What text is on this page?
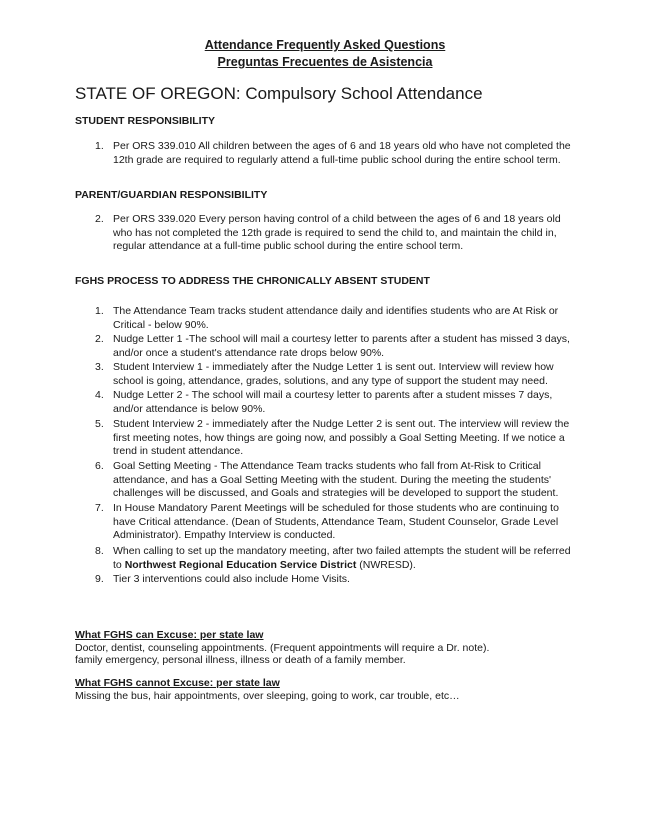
Attendance Frequently Asked Questions
Preguntas Frecuentes de Asistencia
STATE OF OREGON: Compulsory School Attendance
STUDENT RESPONSIBILITY
1. Per ORS 339.010 All children between the ages of 6 and 18 years old who have not completed the 12th grade are required to regularly attend a full-time public school during the entire school term.
PARENT/GUARDIAN RESPONSIBILITY
2. Per ORS 339.020 Every person having control of a child between the ages of 6 and 18 years old who has not completed the 12th grade is required to send the child to, and maintain the child in, regular attendance at a full-time public school during the entire school term.
FGHS PROCESS TO ADDRESS THE CHRONICALLY ABSENT STUDENT
1. The Attendance Team tracks student attendance daily and identifies students who are At Risk or Critical - below 90%.
2. Nudge Letter 1 -The school will mail a courtesy letter to parents after a student has missed 3 days, and/or once a student's attendance rate drops below 90%.
3. Student Interview 1 - immediately after the Nudge Letter 1 is sent out. Interview will review how school is going, attendance, grades, solutions, and any type of support the student may need.
4. Nudge Letter 2 - The school will mail a courtesy letter to parents after a student misses 7 days, and/or attendance is below 90%.
5. Student Interview 2 - immediately after the Nudge Letter 2 is sent out. The interview will review the first meeting notes, how things are going now, and possibly a Goal Setting Meeting. If we notice a trend in student attendance.
6. Goal Setting Meeting - The Attendance Team tracks students who fall from At-Risk to Critical attendance, and has a Goal Setting Meeting with the student. During the meeting the students' challenges will be discussed, and Goals and strategies will be developed to support the student.
7. In House Mandatory Parent Meetings will be scheduled for those students who are continuing to have Critical attendance. (Dean of Students, Attendance Team, Student Counselor, Grade Level Administrator). Empathy Interview is conducted.
8. When calling to set up the mandatory meeting, after two failed attempts the student will be referred to Northwest Regional Education Service District (NWRESD).
9. Tier 3 interventions could also include Home Visits.
What FGHS can Excuse: per state law
Doctor, dentist, counseling appointments. (Frequent appointments will require a Dr. note).
family emergency, personal illness, illness or death of a family member.
What FGHS cannot Excuse: per state law
Missing the bus, hair appointments, over sleeping, going to work, car trouble, etc…
